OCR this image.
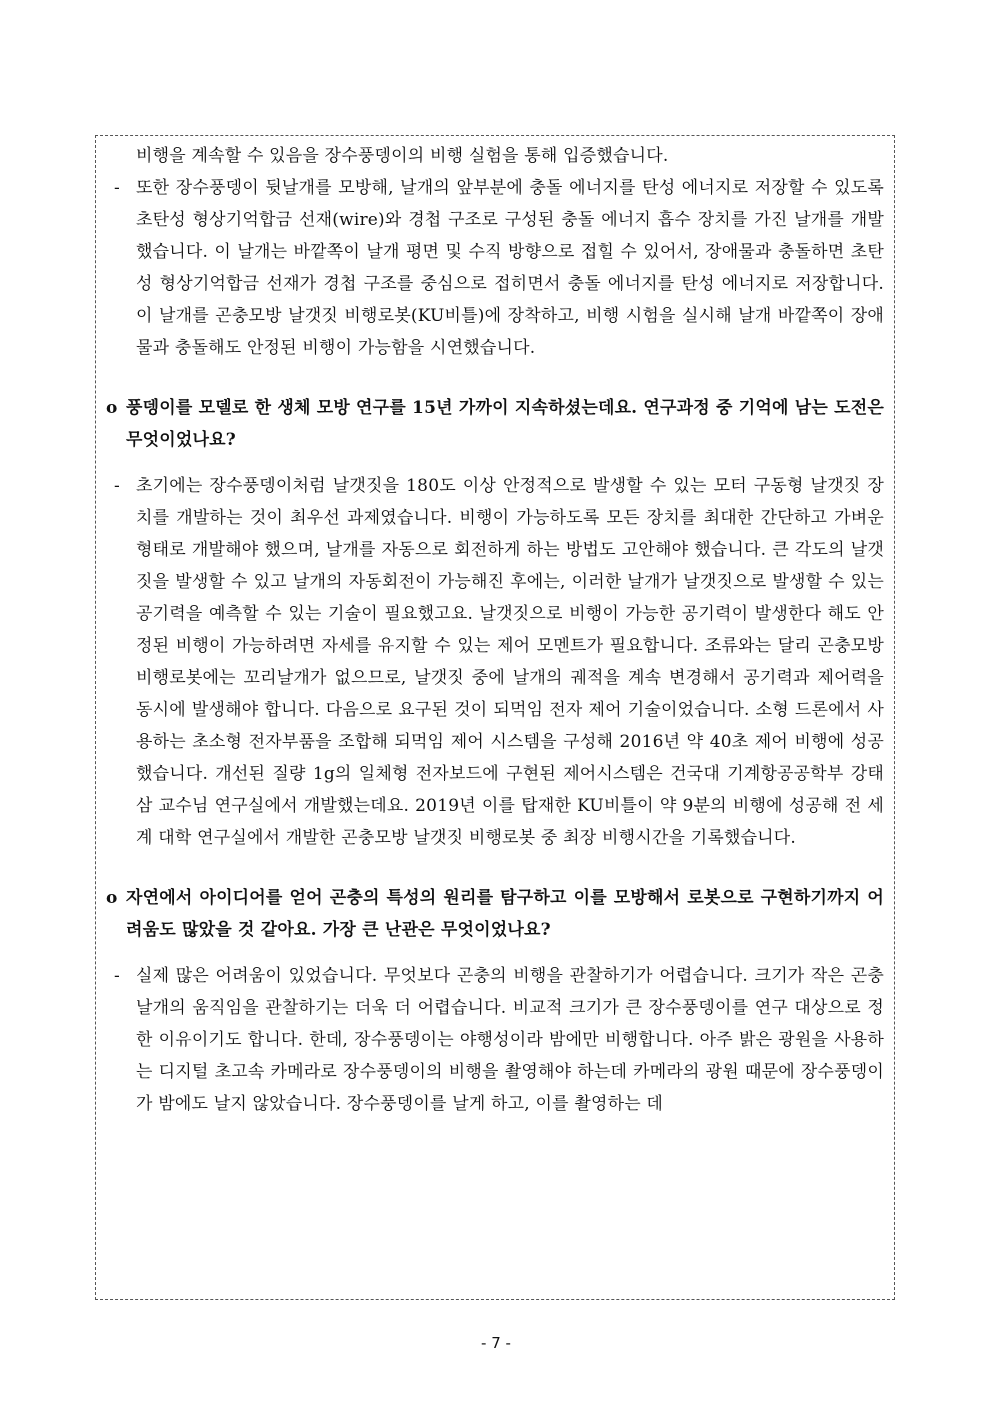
비행을 계속할 수 있음을 장수풍뎅이의 비행 실험을 통해 입증했습니다.
- 또한 장수풍뎅이 뒷날개를 모방해, 날개의 앞부분에 충돌 에너지를 탄성 에너지로 저장할 수 있도록 초탄성 형상기억합금 선재(wire)와 경첩 구조로 구성된 충돌 에너지 흡수 장치를 가진 날개를 개발했습니다. 이 날개는 바깥쪽이 날개 평면 및 수직 방향으로 접힐 수 있어서, 장애물과 충돌하면 초탄성 형상기억합금 선재가 경첩 구조를 중심으로 접히면서 충돌 에너지를 탄성 에너지로 저장합니다. 이 날개를 곤충모방 날갯짓 비행로봇(KU비틀)에 장착하고, 비행 시험을 실시해 날개 바깥쪽이 장애물과 충돌해도 안정된 비행이 가능함을 시연했습니다.
o 풍뎅이를 모델로 한 생체 모방 연구를 15년 가까이 지속하셨는데요. 연구과정 중 기억에 남는 도전은 무엇이었나요?
- 초기에는 장수풍뎅이처럼 날갯짓을 180도 이상 안정적으로 발생할 수 있는 모터 구동형 날갯짓 장치를 개발하는 것이 최우선 과제였습니다. 비행이 가능하도록 모든 장치를 최대한 간단하고 가벼운 형태로 개발해야 했으며, 날개를 자동으로 회전하게 하는 방법도 고안해야 했습니다. 큰 각도의 날갯짓을 발생할 수 있고 날개의 자동회전이 가능해진 후에는, 이러한 날개가 날갯짓으로 발생할 수 있는 공기력을 예측할 수 있는 기술이 필요했고요. 날갯짓으로 비행이 가능한 공기력이 발생한다 해도 안정된 비행이 가능하려면 자세를 유지할 수 있는 제어 모멘트가 필요합니다. 조류와는 달리 곤충모방 비행로봇에는 꼬리날개가 없으므로, 날갯짓 중에 날개의 궤적을 계속 변경해서 공기력과 제어력을 동시에 발생해야 합니다. 다음으로 요구된 것이 되먹임 전자 제어 기술이었습니다. 소형 드론에서 사용하는 초소형 전자부품을 조합해 되먹임 제어 시스템을 구성해 2016년 약 40초 제어 비행에 성공했습니다. 개선된 질량 1g의 일체형 전자보드에 구현된 제어시스템은 건국대 기계항공공학부 강태삼 교수님 연구실에서 개발했는데요. 2019년 이를 탑재한 KU비틀이 약 9분의 비행에 성공해 전 세계 대학 연구실에서 개발한 곤충모방 날갯짓 비행로봇 중 최장 비행시간을 기록했습니다.
o 자연에서 아이디어를 얻어 곤충의 특성의 원리를 탐구하고 이를 모방해서 로봇으로 구현하기까지 어려움도 많았을 것 같아요. 가장 큰 난관은 무엇이었나요?
- 실제 많은 어려움이 있었습니다. 무엇보다 곤충의 비행을 관찰하기가 어렵습니다. 크기가 작은 곤충 날개의 움직임을 관찰하기는 더욱 더 어렵습니다. 비교적 크기가 큰 장수풍뎅이를 연구 대상으로 정한 이유이기도 합니다. 한데, 장수풍뎅이는 야행성이라 밤에만 비행합니다. 아주 밝은 광원을 사용하는 디지털 초고속 카메라로 장수풍뎅이의 비행을 촬영해야 하는데 카메라의 광원 때문에 장수풍뎅이가 밤에도 날지 않았습니다. 장수풍뎅이를 날게 하고, 이를 촬영하는 데
- 7 -
